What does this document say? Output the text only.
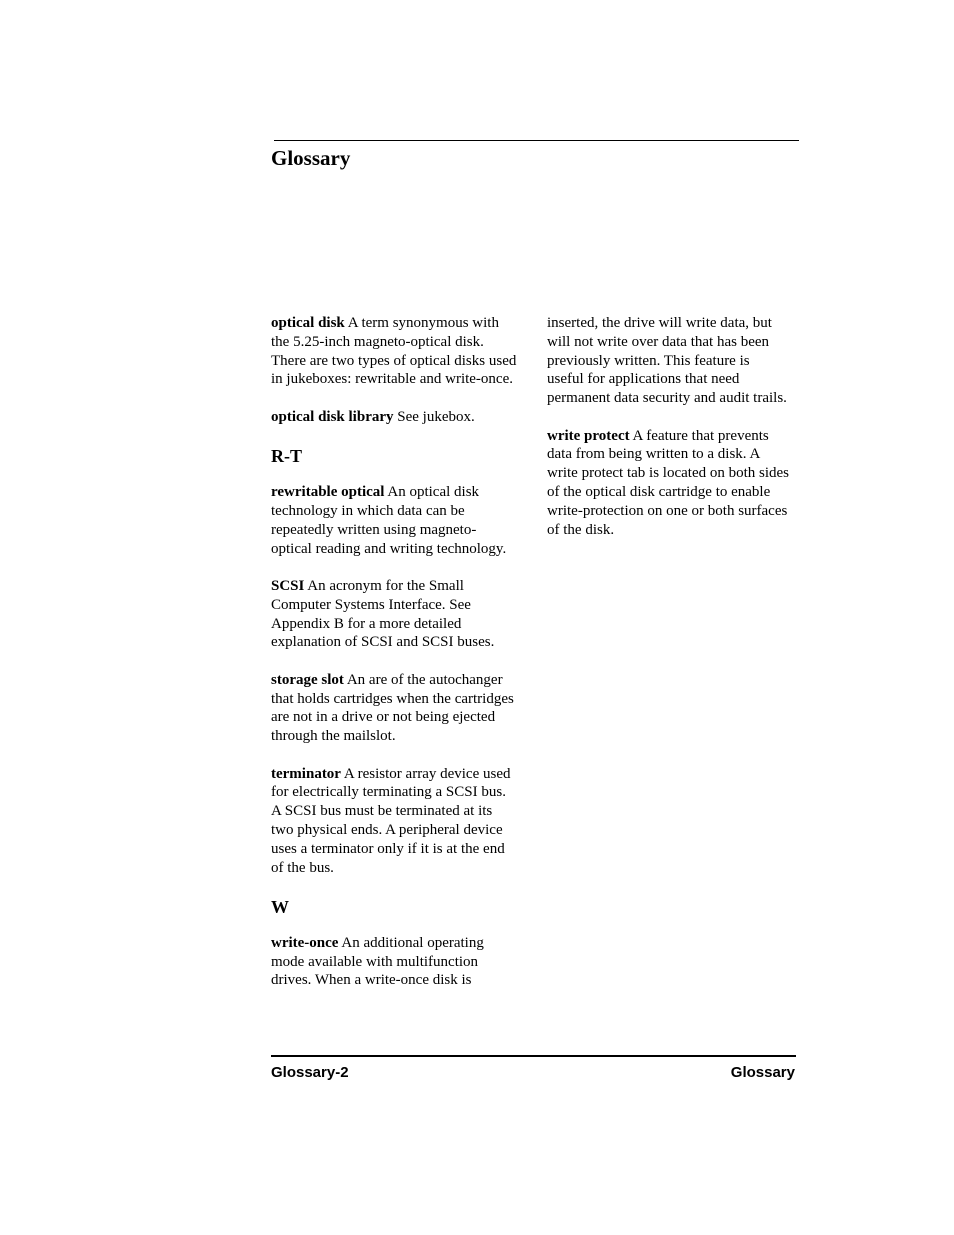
Glossary

optical disk A term synonymous with
the 5.25-inch magneto-optical disk.
There are two types of optical disks used
in jukeboxes: rewritable and write-once.

optical disk library See jukebox.

R-T

rewritable optical An optical disk
technology in which data can be
repeatedly written using magneto-
optical reading and writing technology.

SCSI An acronym for the Small
Computer Systems Interface. See
Appendix B for a more detailed
explanation of SCSI and SCSI buses.

storage slot An are of the autochanger
that holds cartridges when the cartridges
are not in a drive or not being ejected
through the mailslot.

terminator A resistor array device used
for electrically terminating a SCSI bus.
A SCSI bus must be terminated at its
two physical ends. A peripheral device
uses a terminator only if it is at the end
of the bus.

W

write-once An additional operating
mode available with multifunction
drives. When a write-once disk is

inserted, the drive will write data, but
will not write over data that has been
previously written. This feature is
useful for applications that need
permanent data security and audit trails.

write protect A feature that prevents
data from being written to a disk. A
write protect tab is located on both sides
of the optical disk cartridge to enable
write-protection on one or both surfaces
of the disk.

Glossary-2	Glossary
